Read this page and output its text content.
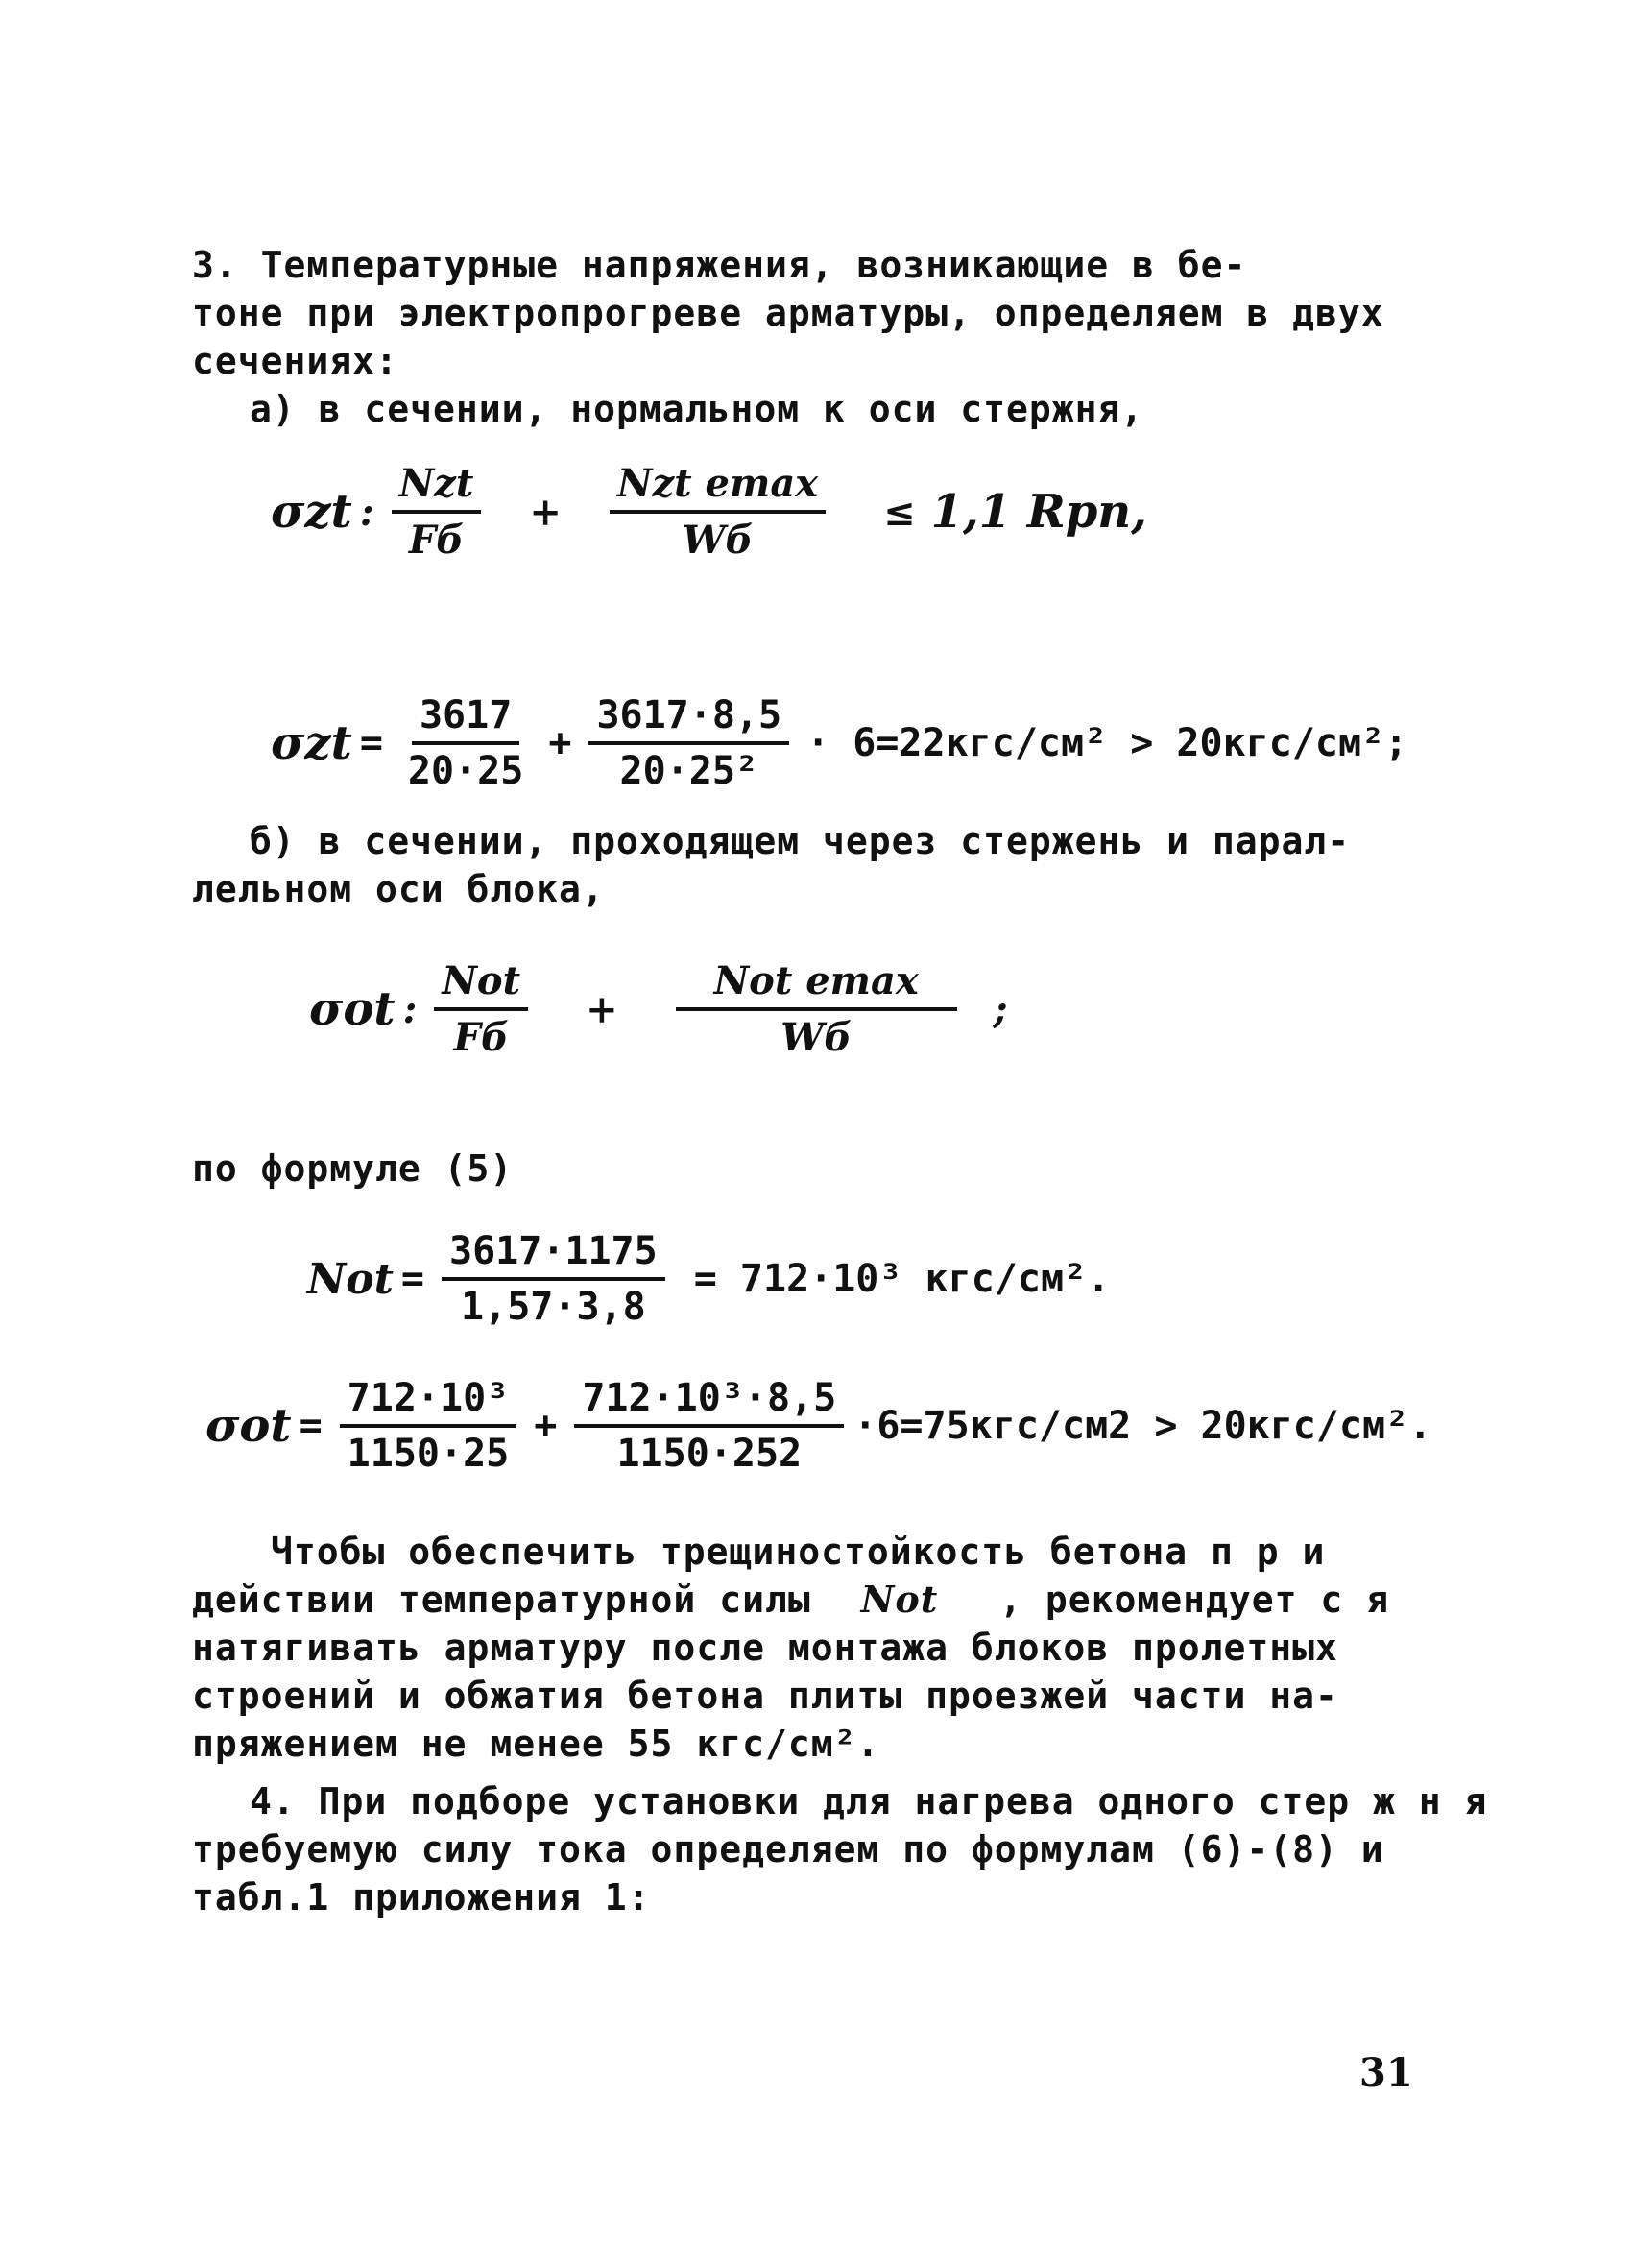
3. Температурные напряжения, возникающие в бе-
тоне при электропрогреве арматуры, определяем в двух
сечениях:
а) в сечении, нормальном к оси стержня,
σzt : $\frac{\text{Nzt}}{Fб} + \frac{\text{Nzt emax}}{Wб} \le 1,1$ Rpn,
$\sigma zt = \frac{3617}{20\cdot 25} + \frac{3617\cdot 8,5}{\text{20·25²}} \cdot 6=22кгс/см^2 > 20кгс/см^2$;
б) в сечении, проходящем через стержень и парал-
лельном оси блока,
σot : $\frac{\text{Not}}{Fб} + \frac{\text{Not emax}}{Wб}$ ;
по формуле (5)
Not = $\frac{3617\cdot 1175}{1,57\cdot 3,8} = 712\cdot 10^3$ кгс/см².
$\sigma ot = \frac{\text{712·10³}}{1150\cdot 25} + \frac{\text{712·10³·8,5}}{1150\cdot 252} \cdot 6=75кгс/см2 > 20кгс/см^2$.
Чтобы обеспечить трещиностойкость бетона п р и
действии температурной силы Not , рекомендует с я
натягивать арматуру после монтажа блоков пролетных
строений и обжатия бетона плиты проезжей части на-
пряжением не менее 55 кгс/см².
4. При подборе установки для нагрева одного стер ж н я
требуемую силу тока определяем по формулам (6)-(8) и
табл.1 приложения 1:
31
